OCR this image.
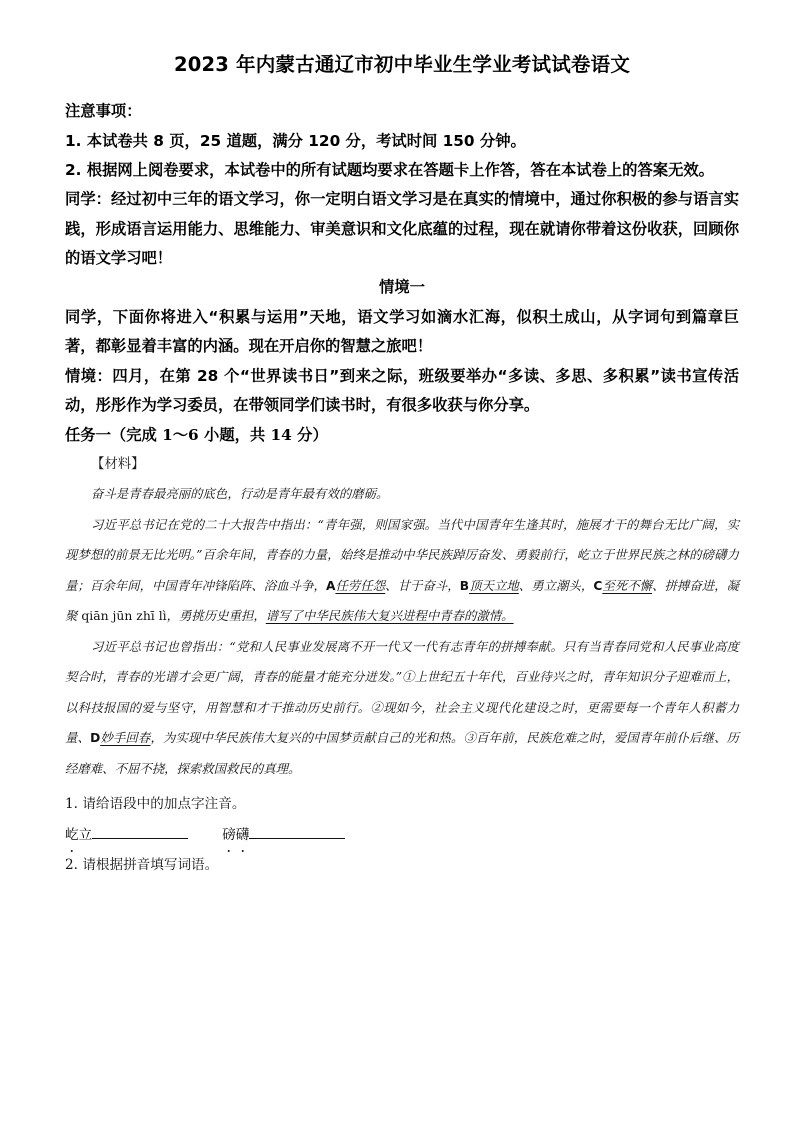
2023 年内蒙古通辽市初中毕业生学业考试试卷语文

注意事项：

1. 本试卷共 8 页，25 道题，满分 120 分，考试时间 150 分钟。

2. 根据网上阅卷要求，本试卷中的所有试题均要求在答题卡上作答，答在本试卷上的答案无效。

同学：经过初中三年的语文学习，你一定明白语文学习是在真实的情境中，通过你积极的参与语言实践，形成语言运用能力、思维能力、审美意识和文化底蕴的过程，现在就请你带着这份收获，回顾你的语文学习吧！

情境一

同学，下面你将进入“积累与运用”天地，语文学习如滴水汇海，似积土成山，从字词句到篇章巨著，都彰显着丰富的内涵。现在开启你的智慧之旅吧！

情境：四月，在第 28 个“世界读书日”到来之际，班级要举办“多读、多思、多积累”读书宣传活动，彤彤作为学习委员，在带领同学们读书时，有很多收获与你分享。

任务一（完成 1～6 小题，共 14 分）

【材料】

奋斗是青春最亮丽的底色，行动是青年最有效的磨砺。

习近平总书记在党的二十大报告中指出：“青年强，则国家强。当代中国青年生逢其时，施展才干的舞台无比广阔，实现梦想的前景无比光明。”百余年间，青春的力量，始终是推动中华民族踔厉奋发、勇毅前行，屹立于世界民族之林的磅礴力量；百余年间，中国青年冲锋陷阵、浴血斗争，A任劳任怨、甘于奋斗，B顶天立地、勇立潮头，C至死不懈、拼搏奋进，凝聚 qiān jūn zhī lì，勇挑历史重担，谱写了中华民族伟大复兴进程中青春的激情。

习近平总书记也曾指出：“党和人民事业发展离不开一代又一代有志青年的拼搏奉献。只有当青春同党和人民事业高度契合时，青春的光谱才会更广阔，青春的能量才能充分迸发。”①上世纪五十年代，百业待兴之时，青年知识分子迎难而上，以科技报国的爱与坚守，用智慧和才干推动历史前行。②现如今，社会主义现代化建设之时，更需要每一个青年人积蓄力量、D妙手回春，为实现中华民族伟大复兴的中国梦贡献自己的光和热。③百年前，民族危难之时，爱国青年前仆后继、历经磨难、不屈不挠，探索救国救民的真理。

1. 请给语段中的加点字注音。

屹立	磅礴

2. 请根据拼音填写词语。
